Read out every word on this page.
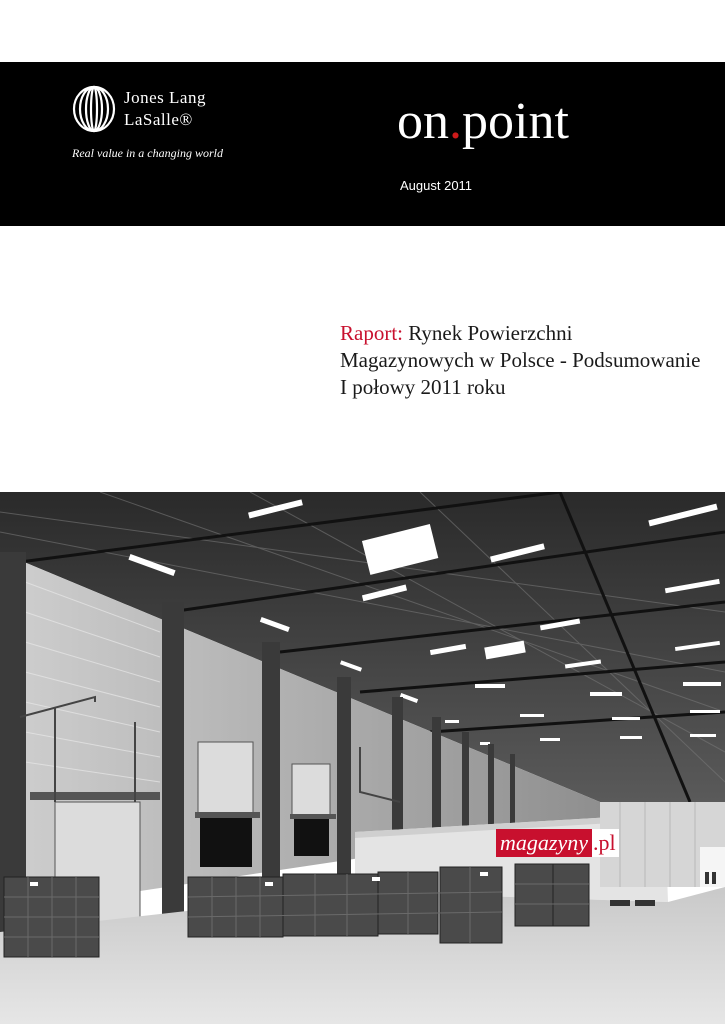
Jones Lang
LaSalle®
Real value in a changing world
on.point
August 2011
Raport: Rynek Powierzchni Magazynowych w Polsce - Podsumowanie I połowy 2011 roku
magazyny .pl
